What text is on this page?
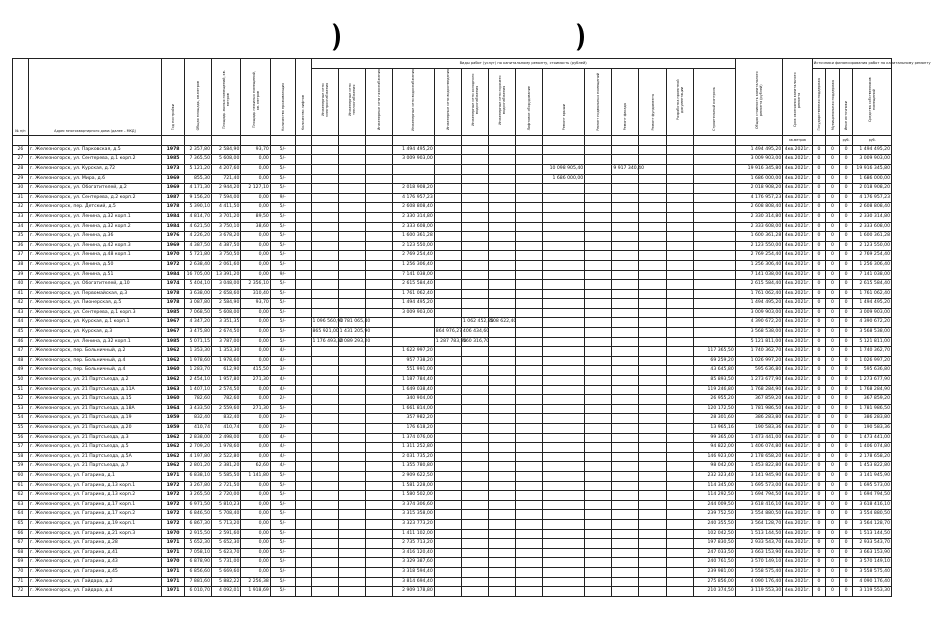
№ п/п	Адрес многоквартирного дома (далее – МКД)	Год постройки	Общая площадь, кв.метров	Площадь жилых помещений, кв. метров	Площадь нежилых помещений, кв. метров	Количество проживающих	Количество лифтов	Виды работ (услуг) по капитальному ремонту, стоимость (рублей)														Общая стоимость капитального ремонта (рублей)	Срок окончания капитального ремонта	Источники финансирования работ по капитальному ремонту			
								Инженерные сети электроснабжения	Инженерные сети теплоснабжения	Инженерные сети газоснабжения	Инженерные сети водоснабжения	Инженерные сети водоотведения	Инженерные сети холодного водоснабжения	Инженерные сети горячего водоснабжения	Лифтовое оборудование	Ремонт крыши	Ремонт подвальных помещений	Ремонт фасада	Ремонт фундамента	Разработка проектной документации	Строительный контроль			Государственная поддержка	Муниципальная поддержка	Иные источники	Средства собственников помещений
																							кв.метров			руб.	руб.
26	г. Железногорск, ул. Парковская, д.5	1978	2 357,80	2 584,90	93,70	5/-					1 494 495,20											1 494 495,20	4кв.2021г.	0	0	0	1 494 495,20
27	г. Железногорск, ул. Сентерева, д.1 корп.2	1985	7 365,50	5 608,00	0,00	5/-					3 009 903,00											3 009 903,00	4кв.2021г.	0	0	0	3 009 903,00
28	г. Железногорск, ул. Курская, д.72	1973	5 121,20	4 207,60	0,00	5/-										10 098 905,40		9 917 340,40				19 916 345,80	4кв.2021г.	0	0	0	19 916 345,80
29	г. Железногорск, ул. Мира, д.6	1969	855,30	721,40	0,00	5/-										1 686 000,00						1 686 000,00	4кв.2021г.	0	0	0	1 686 000,00
30	г. Железногорск, ул. Обогатителей, д.2	1969	4 171,30	2 944,20	2 127,10	5/-					2 018 908,20											2 018 908,20	4кв.2021г.	0	0	0	2 018 908,20
31	г. Железногорск, ул. Сентерева, д.2 корп.2	1987	9 156,20	7 594,00	0,00	9/-					4 176 957,23											4 176 957,23	4кв.2021г.	0	0	0	4 176 957,23
32	г. Железногорск, пер. Детский, д.5	1978	5 390,10	4 411,50	0,00	5/-					2 608 808,40											2 608 808,40	4кв.2021г.	0	0	0	2 608 808,40
33	г. Железногорск, ул. Ленина, д.32 корп.1	1984	4 814,70	3 701,20	89,50	5/-					2 330 314,80											2 330 314,80	4кв.2021г.	0	0	0	2 330 314,80
34	г. Железногорск, ул. Ленина, д.32 корп.2	1984	4 621,50	3 750,10	38,60	5/-					2 333 608,00											2 333 608,00	4кв.2021г.	0	0	0	2 333 608,00
35	г. Железногорск, ул. Ленина, д.36	1976	4 226,20	3 678,20	0,00	5/-					1 600 361,28											1 600 361,28	4кв.2021г.	0	0	0	1 600 361,28
36	г. Железногорск, ул. Ленина, д.42 корп.3	1969	4 387,50	4 387,50	0,00	5/-					2 123 550,00											2 123 550,00	4кв.2021г.	0	0	0	2 123 550,00
37	г. Железногорск, ул. Ленина, д.48 корп.1	1970	5 721,80	3 750,50	0,00	5/-					2 769 254,40											2 769 254,40	4кв.2021г.	0	0	0	2 769 254,40
38	г. Железногорск, ул. Ленина, д.50	1972	2 638,40	2 061,60	0,00	5/-					1 256 306,40											1 256 306,40	4кв.2021г.	0	0	0	1 256 306,40
39	г. Железногорск, ул. Ленина, д.51	1984	16 705,00	13 391,20	0,00	9/-					7 141 038,00											7 141 038,00	4кв.2021г.	0	0	0	7 141 038,00
40	г. Железногорск, ул. Обогатителей, д.10	1974	5 404,10	3 048,00	2 356,10	5/-					2 615 584,40											2 615 584,40	4кв.2021г.	0	0	0	2 615 584,40
41	г. Железногорск, ул. Первомайская, д.3	1978	3 638,00	2 658,60	310,40	5/-					1 761 062,40											1 761 062,40	4кв.2021г.	0	0	0	1 761 062,40
42	г. Железногорск, ул. Пионерская, д.5	1978	3 087,80	2 584,90	93,70	5/-					1 494 495,20											1 494 495,20	4кв.2021г.	0	0	0	1 494 495,20
43	г. Железногорск, ул. Сентерева, д.1 корп.3	1985	7 068,50	5 608,00	0,00	5/-					3 009 903,00											3 009 903,00	4кв.2021г.	0	0	0	3 009 903,00
44	г. Железногорск, ул. Курская, д.1 корп.1	1967	4 347,20	3 351,35	0,00	5/-		1 096 560,90	1 781 065,40				1 062 452,80	508 622,40								4 390 672,20	4кв.2021г.	0	0	0	4 390 672,20
45	г. Железногорск, ул. Курская, д.3	1967	3 475,80	2 674,50	0,00	5/-		865 921,00	1 431 205,90			864 976,27	406 434,60									3 568 538,00	4кв.2021г.	0	0	0	3 568 538,00
46	г. Железногорск, ул. Ленина, д.32 корп.1	1985	5 071,15	3 787,00	0,00	5/-		1 176 493,30	2 089 293,20			1 287 783,90	560 316,70									5 121 811,00	4кв.2021г.	0	0	0	5 121 811,00
47	г. Железногорск, пер. Больничный, д.2	1962	1 353,30	1 353,30	0,00	4/-					1 622 997,20										117 365,50	1 740 362,70	4кв.2021г.	0	0	0	1 740 362,70
48	г. Железногорск, пер. Больничный, д.4	1962	1 978,60	1 978,60	0,00	4/-					957 738,20										69 259,20	1 026 997,20	4кв.2021г.	0	0	0	1 026 997,20
49	г. Железногорск, пер. Больничный, д.4	1960	1 283,70	612,90	415,50	3/-					551 991,00										43 645,80	595 636,80	4кв.2021г.	0	0	0	595 636,80
50	г. Железногорск, ул. 21 Партсъезда, д.2	1962	2 454,10	1 957,80	271,30	4/-					1 187 784,40										85 893,50	1 273 677,90	4кв.2021г.	0	0	0	1 273 677,90
51	г. Железногорск, ул. 21 Партсъезда, д.11А	1963	1 407,10	2 574,50	0,00	4/-					1 649 038,40										119 246,80	1 768 284,90	4кв.2021г.	0	0	0	1 768 284,90
52	г. Железногорск, ул. 21 Партсъезда, д.15	1960	782,60	782,60	0,00	2/-					340 904,00										26 955,20	367 859,20	4кв.2021г.	0	0	0	367 859,20
53	г. Железногорск, ул. 21 Партсъезда, д.18А	1964	3 433,50	2 559,60	271,30	5/-					1 661 814,00										120 172,50	1 781 986,50	4кв.2021г.	0	0	0	1 781 986,50
54	г. Железногорск, ул. 21 Партсъезда, д.19	1959	832,40	832,40	0,00	2/-					357 982,20										28 301,60	386 283,80	4кв.2021г.	0	0	0	386 283,80
55	г. Железногорск, ул. 21 Партсъезда, д.20	1959	410,74	410,74	0,00	2/-					176 618,20										13 965,16	190 583,36	4кв.2021г.	0	0	0	190 583,36
56	г. Железногорск, ул. 21 Партсъезда, д.3	1962	2 838,00	2 498,00	0,00	4/-					1 374 076,00										99 365,00	1 473 441,00	4кв.2021г.	0	0	0	1 473 441,00
57	г. Железногорск, ул. 21 Партсъезда, д.5	1962	2 709,20	1 978,60	0,00	4/-					1 311 252,80										94 822,00	1 406 074,80	4кв.2021г.	0	0	0	1 406 074,80
58	г. Железногорск, ул. 21 Партсъезда, д.5А	1962	4 197,80	2 522,80	0,00	4/-					2 031 735,20										146 923,00	2 178 658,20	4кв.2021г.	0	0	0	2 178 658,20
59	г. Железногорск, ул. 21 Партсъезда, д.7	1962	2 801,20	2 381,20	62,60	4/-					1 355 780,80										98 042,00	1 453 822,80	4кв.2021г.	0	0	0	1 453 822,80
60	г. Железногорск, ул. Гагарина, д.1	1971	6 838,10	5 585,50	1 141,80	5/-					2 909 622,50										232 323,40	3 141 945,90	4кв.2021г.	0	0	0	3 141 945,90
61	г. Железногорск, ул. Гагарина, д.13 корп.1	1972	3 267,80	2 721,50	0,00	5/-					1 581 228,00										114 345,00	1 695 573,00	4кв.2021г.	0	0	0	1 695 573,00
62	г. Железногорск, ул. Гагарина, д.13 корп.2	1972	3 265,50	2 720,00	0,00	5/-					1 580 502,00										114 292,50	1 694 794,50	4кв.2021г.	0	0	0	1 694 794,50
63	г. Железногорск, ул. Гагарина, д.17 корп.1	1972	6 971,50	5 810,23	0,00	5/-					3 374 306,60										244 009,50	3 618 416,10	4кв.2021г.	0	0	0	3 618 416,10
64	г. Железногорск, ул. Гагарина, д.17 корп.2	1972	6 846,50	5 708,40	0,00	5/-					3 315 358,00										239 752,50	3 554 880,50	4кв.2021г.	0	0	0	3 554 880,50
65	г. Железногорск, ул. Гагарина, д.19 корп.1	1972	6 867,30	5 713,20	0,00	5/-					3 323 773,20										240 355,50	3 564 128,70	4кв.2021г.	0	0	0	3 564 128,70
66	г. Железногорск, ул. Гагарина, д.21 корп.3	1970	2 915,50	2 591,60	0,00	5/-					1 411 102,00										102 042,50	1 513 144,50	4кв.2021г.	0	0	0	1 513 144,50
67	г. Железногорск, ул. Гагарина, д.28	1971	5 652,30	5 652,30	0,00	5/-					2 735 713,20										197 830,50	2 933 543,70	4кв.2021г.	0	0	0	2 933 543,70
68	г. Железногорск, ул. Гагарина, д.41	1971	7 058,10	5 623,70	0,00	5/-					3 416 120,40										247 033,50	3 663 153,90	4кв.2021г.	0	0	0	3 663 153,90
69	г. Железногорск, ул. Гагарина, д.43	1970	6 878,90	5 731,00	0,00	5/-					3 329 387,60										240 761,50	3 570 149,10	4кв.2021г.	0	0	0	3 570 149,10
70	г. Железногорск, ул. Гагарина, д.45	1971	6 856,60	5 669,60	0,00	5/-					3 318 594,40										239 981,00	3 558 575,40	4кв.2021г.	0	0	0	3 558 575,40
71	г. Железногорск, ул. Гайдара, д.2	1971	7 881,60	5 882,22	2 256,38	5/-					3 814 694,40										275 856,00	4 090 176,40	4кв.2021г.	0	0	0	4 090 176,40
72	г. Железногорск, ул. Гайдара, д.4	1971	6 010,70	4 092,01	1 918,69	5/-					2 909 178,80										210 374,50	3 119 553,30	4кв.2021г.	0	0	0	3 119 553,30
